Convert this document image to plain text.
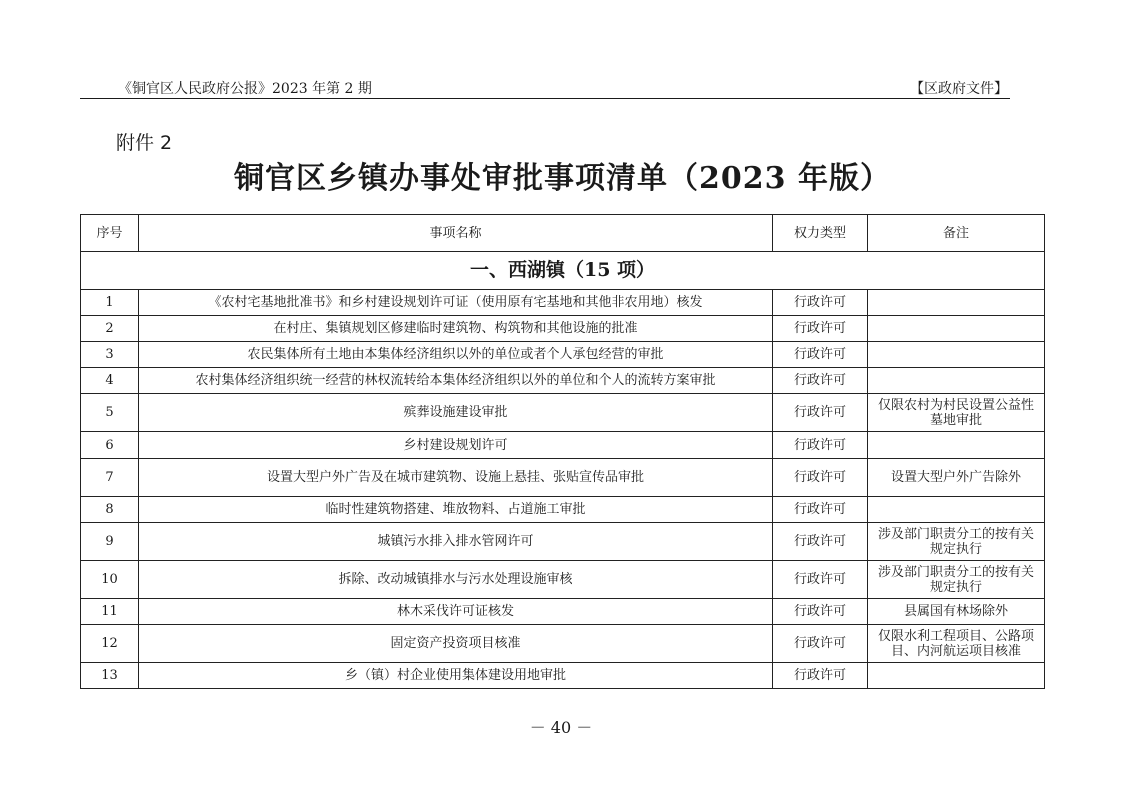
《铜官区人民政府公报》2023 年第 2 期	【区政府文件】
附件 2
铜官区乡镇办事处审批事项清单（2023 年版）
序号	事项名称	权力类型	备注
一、西湖镇（15 项）			
1	《农村宅基地批准书》和乡村建设规划许可证（使用原有宅基地和其他非农用地）核发	行政许可	
2	在村庄、集镇规划区修建临时建筑物、构筑物和其他设施的批准	行政许可	
3	农民集体所有土地由本集体经济组织以外的单位或者个人承包经营的审批	行政许可	
4	农村集体经济组织统一经营的林权流转给本集体经济组织以外的单位和个人的流转方案审批	行政许可	
5	殡葬设施建设审批	行政许可	仅限农村为村民设置公益性墓地审批
6	乡村建设规划许可	行政许可	
7	设置大型户外广告及在城市建筑物、设施上悬挂、张贴宣传品审批	行政许可	设置大型户外广告除外
8	临时性建筑物搭建、堆放物料、占道施工审批	行政许可	
9	城镇污水排入排水管网许可	行政许可	涉及部门职责分工的按有关规定执行
10	拆除、改动城镇排水与污水处理设施审核	行政许可	涉及部门职责分工的按有关规定执行
11	林木采伐许可证核发	行政许可	县属国有林场除外
12	固定资产投资项目核准	行政许可	仅限水利工程项目、公路项目、内河航运项目核准
13	乡（镇）村企业使用集体建设用地审批	行政许可	
－ 40 －
